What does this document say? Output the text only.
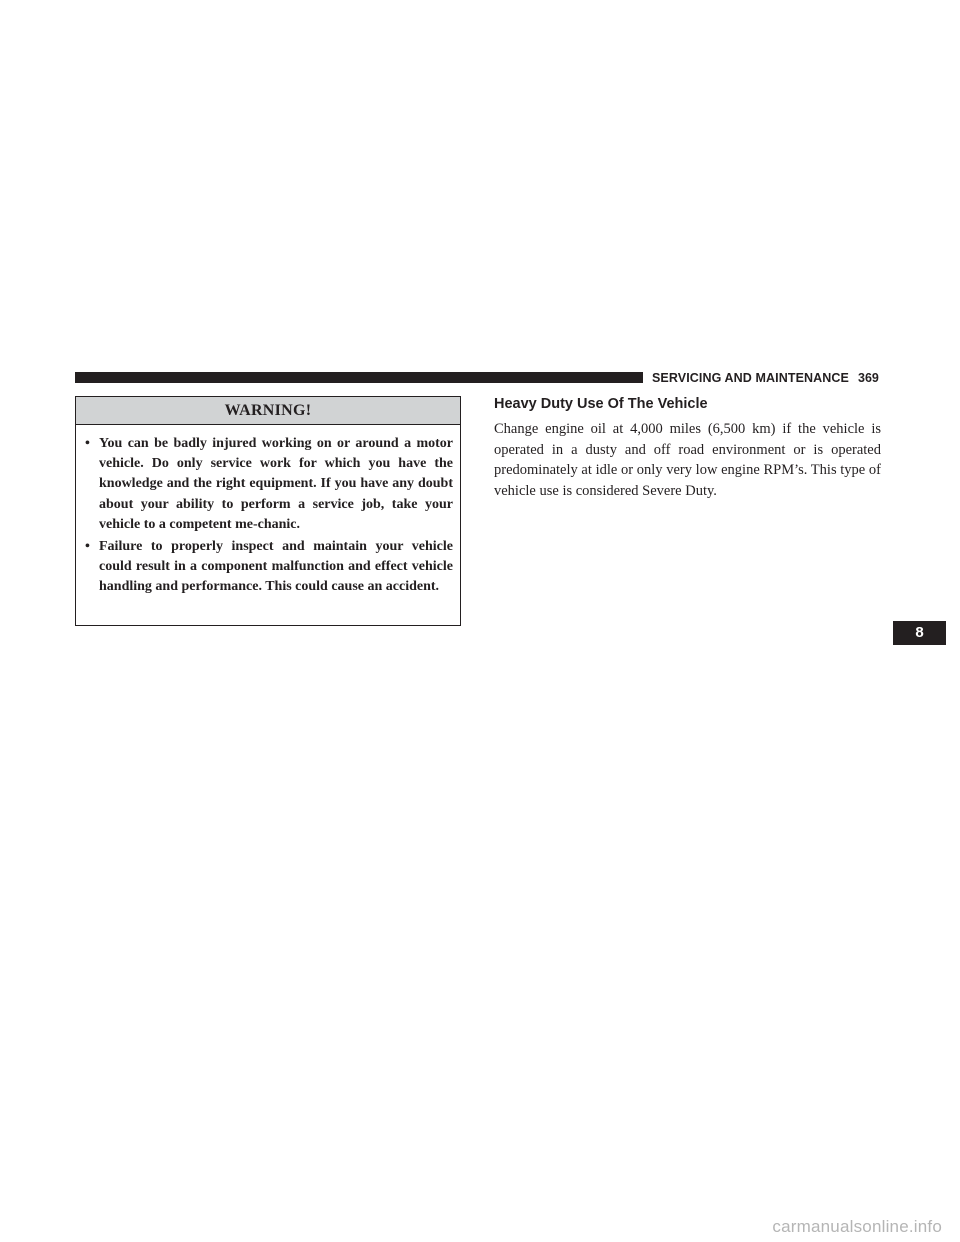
SERVICING AND MAINTENANCE 369
WARNING!
• You can be badly injured working on or around a motor vehicle. Do only service work for which you have the knowledge and the right equipment. If you have any doubt about your ability to perform a service job, take your vehicle to a competent me-chanic.
• Failure to properly inspect and maintain your vehicle could result in a component malfunction and effect vehicle handling and performance. This could cause an accident.
Heavy Duty Use Of The Vehicle
Change engine oil at 4,000 miles (6,500 km) if the vehicle is operated in a dusty and off road environment or is operated predominately at idle or only very low engine RPM’s. This type of vehicle use is considered Severe Duty.
8
carmanualsonline.info
